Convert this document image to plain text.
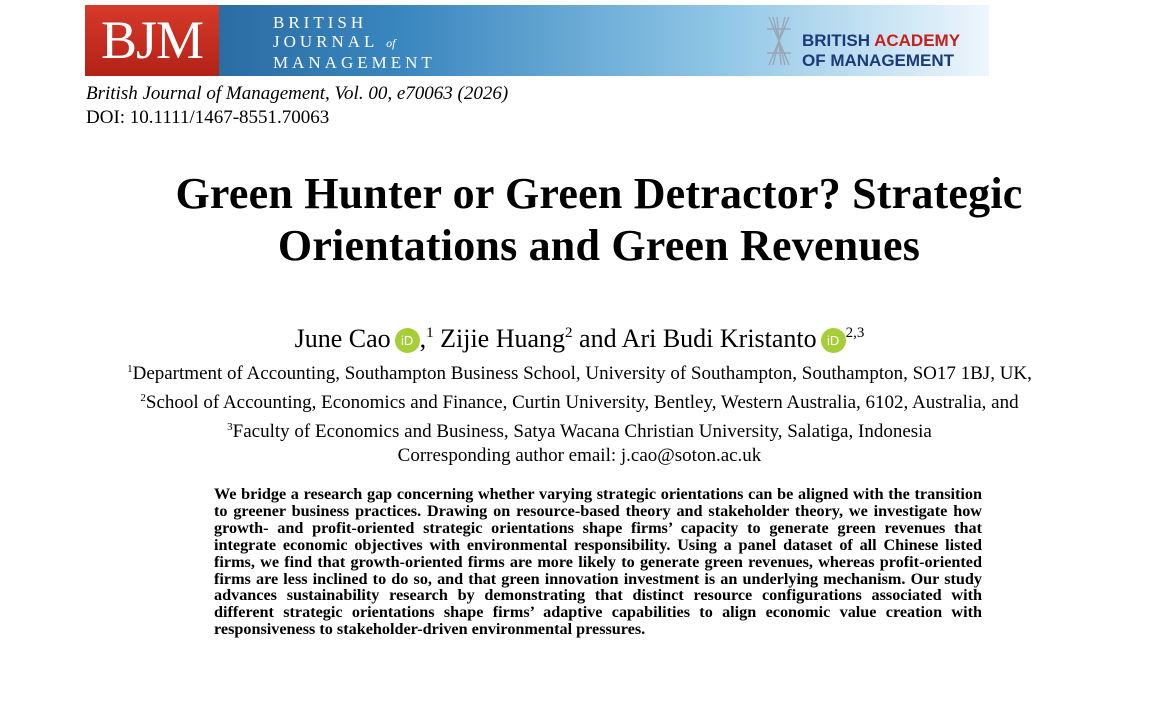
BJM	BRITISH
JOURNAL of
MANAGEMENT
BRITISH ACADEMY
OF MANAGEMENT
British Journal of Management, Vol. 00, e70063 (2026)
DOI: 10.1111/1467-8551.70063
Green Hunter or Green Detractor? Strategic
Orientations and Green Revenues
June Cao iD ,$^1$ Zijie Huang$^2$ and Ari Budi Kristanto iD $^{2,3}$
$^1$Department of Accounting, Southampton Business School, University of Southampton, Southampton, SO17 1BJ, UK,
$^2$School of Accounting, Economics and Finance, Curtin University, Bentley, Western Australia, 6102, Australia, and
$^3$Faculty of Economics and Business, Satya Wacana Christian University, Salatiga, Indonesia
Corresponding author email: j.cao@soton.ac.uk
We bridge a research gap concerning whether varying strategic orientations can be aligned with the transition to greener business practices. Drawing on resource-based theory and stakeholder theory, we investigate how growth- and profit-oriented strategic orientations shape firms’ capacity to generate green revenues that integrate economic objectives with environmental responsibility. Using a panel dataset of all Chinese listed firms, we find that growth-oriented firms are more likely to generate green revenues, whereas profit-oriented firms are less inclined to do so, and that green innovation investment is an underlying mechanism. Our study advances sustainability research by demonstrating that distinct resource configurations associated with different strategic orientations shape firms’ adaptive capabilities to align economic value creation with responsiveness to stakeholder-driven environmental pressures.
